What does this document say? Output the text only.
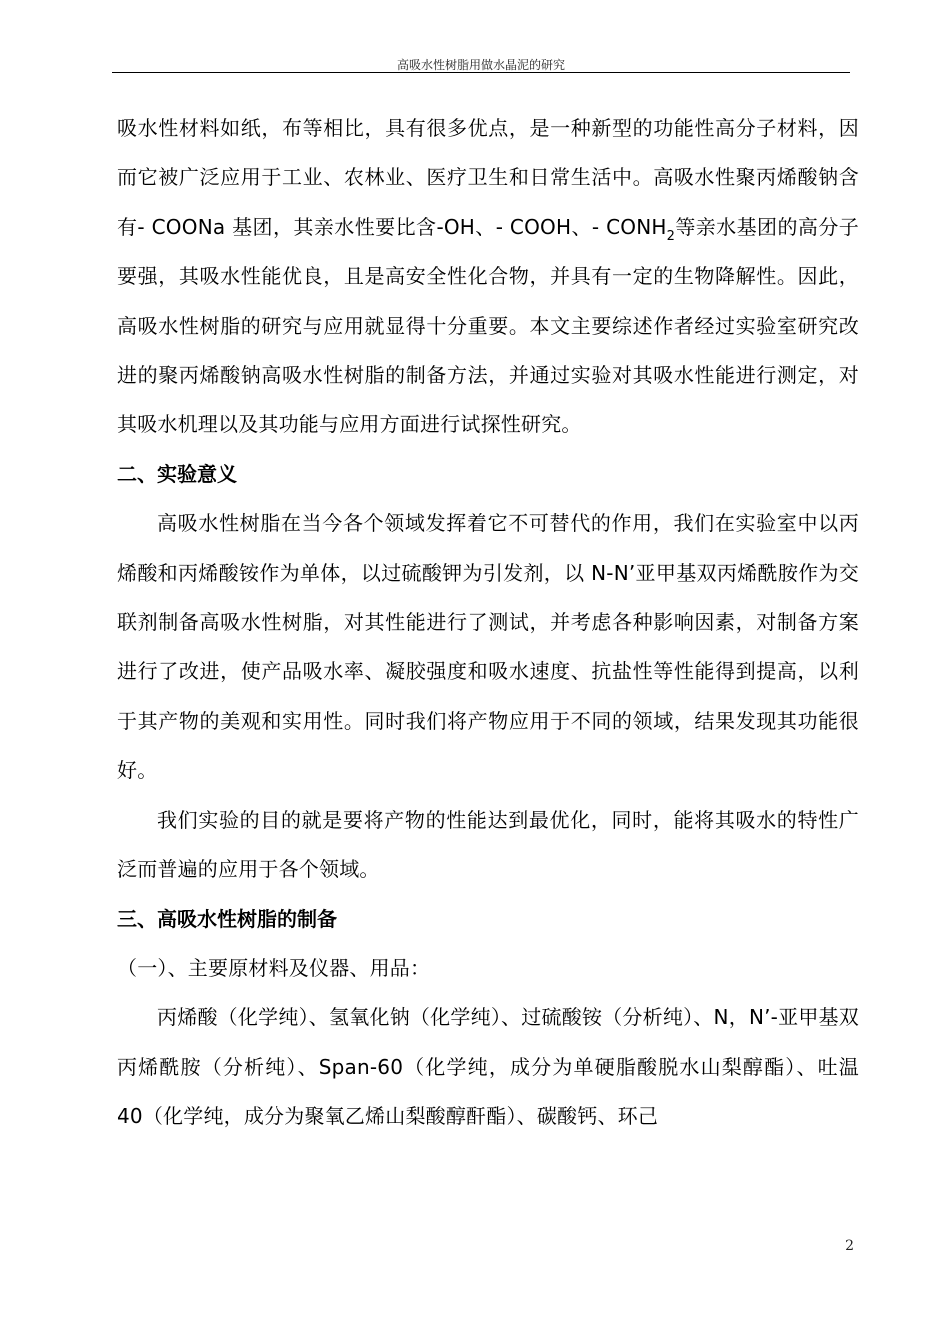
高吸水性树脂用做水晶泥的研究

吸水性材料如纸，布等相比，具有很多优点，是一种新型的功能性高分子材料，因而它被广泛应用于工业、农林业、医疗卫生和日常生活中。高吸水性聚丙烯酸钠含有- COONa 基团，其亲水性要比含-OH、- COOH、- $CONH_2$等亲水基团的高分子要强，其吸水性能优良，且是高安全性化合物，并具有一定的生物降解性。因此，高吸水性树脂的研究与应用就显得十分重要。本文主要综述作者经过实验室研究改进的聚丙烯酸钠高吸水性树脂的制备方法，并通过实验对其吸水性能进行测定，对其吸水机理以及其功能与应用方面进行试探性研究。

二、实验意义

高吸水性树脂在当今各个领域发挥着它不可替代的作用，我们在实验室中以丙烯酸和丙烯酸铵作为单体，以过硫酸钾为引发剂，以 N-N’亚甲基双丙烯酰胺作为交联剂制备高吸水性树脂，对其性能进行了测试，并考虑各种影响因素，对制备方案进行了改进，使产品吸水率、凝胶强度和吸水速度、抗盐性等性能得到提高，以利于其产物的美观和实用性。同时我们将产物应用于不同的领域，结果发现其功能很好。

我们实验的目的就是要将产物的性能达到最优化，同时，能将其吸水的特性广泛而普遍的应用于各个领域。

三、高吸水性树脂的制备

（一）、主要原材料及仪器、用品：

丙烯酸（化学纯）、氢氧化钠（化学纯）、过硫酸铵（分析纯）、N，N’-亚甲基双丙烯酰胺（分析纯）、Span-60（化学纯，成分为单硬脂酸脱水山梨醇酯）、吐温 40（化学纯，成分为聚氧乙烯山梨酸醇酐酯）、碳酸钙、环己

2
